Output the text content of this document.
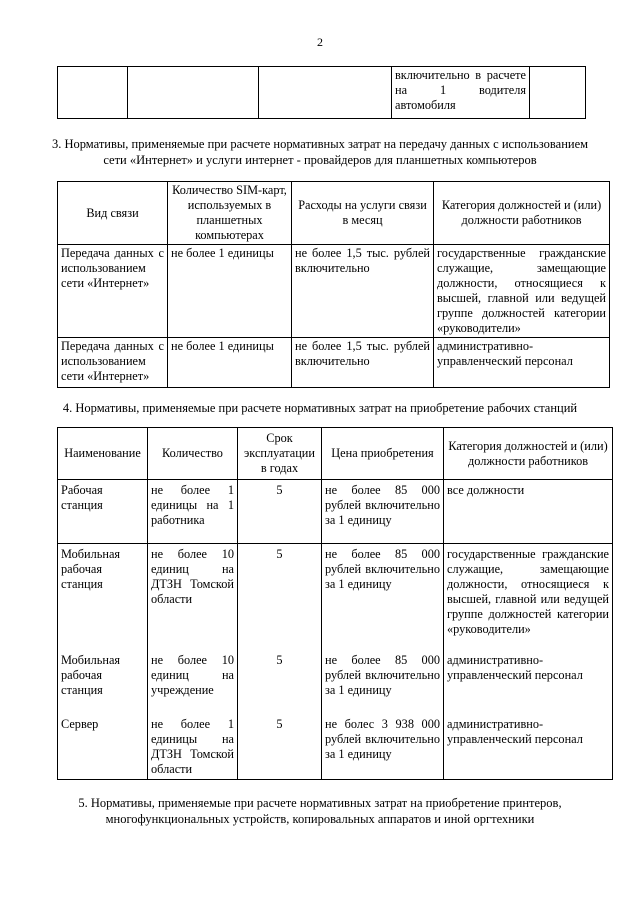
2
			включительно в расчете на 1 водителя автомобиля	
3. Нормативы, применяемые при расчете нормативных затрат на передачу данных с использованием сети «Интернет» и услуги интернет - провайдеров для планшетных компьютеров
Вид связи	Количество SIM-карт, используемых в планшетных компьютерах	Расходы на услуги связи в месяц	Категория должностей и (или) должности работников
Передача данных с использованием сети «Интернет»	не более 1 единицы	не более 1,5 тыс. рублей включительно	государственные гражданские служащие, замещающие должности, относящиеся к высшей, главной или ведущей группе должностей категории «руководители»
Передача данных с использованием сети «Интернет»	не более 1 единицы	не более 1,5 тыс. рублей включительно	административно-управленческий персонал
4. Нормативы, применяемые при расчете нормативных затрат на приобретение рабочих станций
Наименование	Количество	Срок эксплуатации в годах	Цена приобретения	Категория должностей и (или) должности работников
Рабочая станция	не более 1 единицы на 1 работника	5	не более 85 000 рублей включительно за 1 единицу	все должности
Мобильная рабочая станция	не более 10 единиц на ДТЗН Томской области	5	не более 85 000 рублей включительно за 1 единицу	государственные гражданские служащие, замещающие должности, относящиеся к высшей, главной или ведущей группе должностей категории «руководители»
Мобильная рабочая станция	не более 10 единиц на учреждение	5	не более 85 000 рублей включительно за 1 единицу	административно-управленческий персонал
Сервер	не более 1 единицы на ДТЗН Томской области	5	не болес 3 938 000 рублей включительно за 1 единицу	административно-управленческий персонал
5. Нормативы, применяемые при расчете нормативных затрат на приобретение принтеров, многофункциональных устройств, копировальных аппаратов и иной оргтехники
